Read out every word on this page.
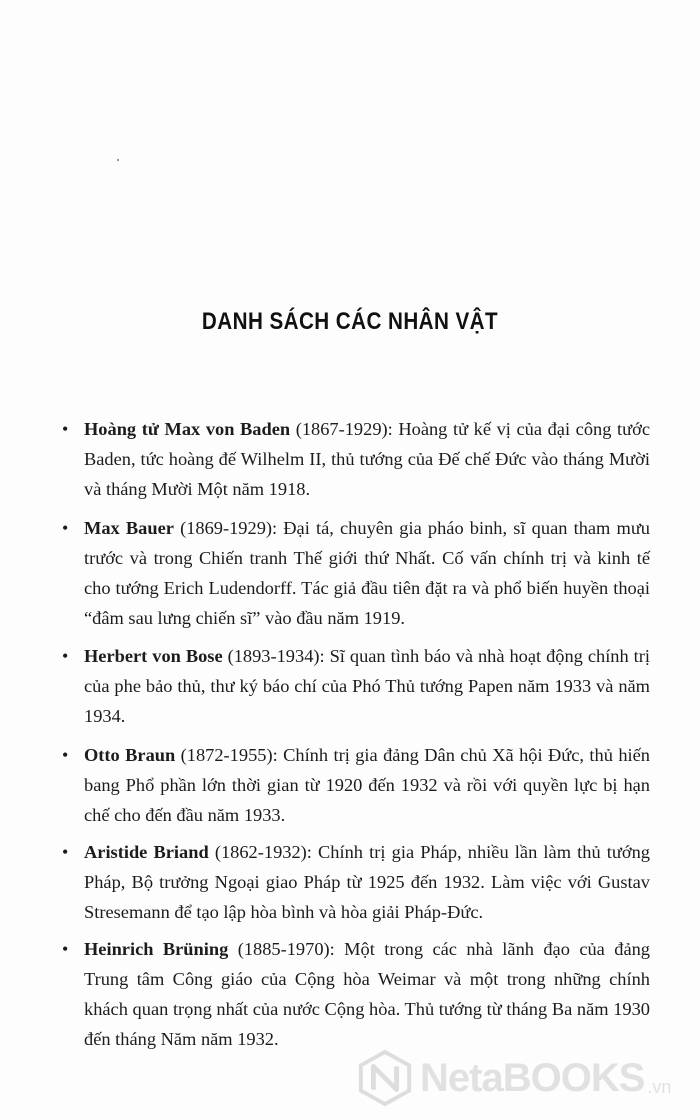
DANH SÁCH CÁC NHÂN VẬT
• Hoàng tử Max von Baden (1867-1929): Hoàng tử kế vị của đại công tước Baden, tức hoàng đế Wilhelm II, thủ tướng của Đế chế Đức vào tháng Mười và tháng Mười Một năm 1918.
• Max Bauer (1869-1929): Đại tá, chuyên gia pháo binh, sĩ quan tham mưu trước và trong Chiến tranh Thế giới thứ Nhất. Cố vấn chính trị và kinh tế cho tướng Erich Ludendorff. Tác giả đầu tiên đặt ra và phổ biến huyền thoại “đâm sau lưng chiến sĩ” vào đầu năm 1919.
• Herbert von Bose (1893-1934): Sĩ quan tình báo và nhà hoạt động chính trị của phe bảo thủ, thư ký báo chí của Phó Thủ tướng Papen năm 1933 và năm 1934.
• Otto Braun (1872-1955): Chính trị gia đảng Dân chủ Xã hội Đức, thủ hiến bang Phổ phần lớn thời gian từ 1920 đến 1932 và rồi với quyền lực bị hạn chế cho đến đầu năm 1933.
• Aristide Briand (1862-1932): Chính trị gia Pháp, nhiều lần làm thủ tướng Pháp, Bộ trưởng Ngoại giao Pháp từ 1925 đến 1932. Làm việc với Gustav Stresemann để tạo lập hòa bình và hòa giải Pháp-Đức.
• Heinrich Brüning (1885-1970): Một trong các nhà lãnh đạo của đảng Trung tâm Công giáo của Cộng hòa Weimar và một trong những chính khách quan trọng nhất của nước Cộng hòa. Thủ tướng từ tháng Ba năm 1930 đến tháng Năm năm 1932.
NetaBOOKS .vn
